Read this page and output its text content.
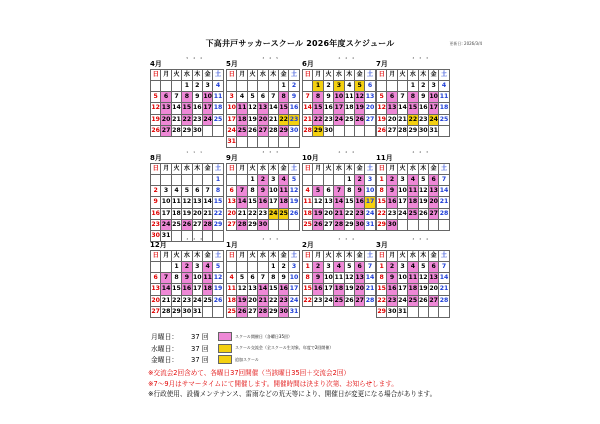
下高井戸サッカースクール 2026年度スケジュール	更新日: 2026/3/4
4月
5 4 4
日	月	火	水	木	金	土
			1	2	3	4
5	6	7	8	9	10	11
12	13	14	15	16	17	18
19	20	21	22	23	24	25
26	27	28	29	30		
5月
3 4 5
日	月	火	水	木	金	土
					1	2
3	4	5	6	7	8	9
10	11	12	13	14	15	16
17	18	19	20	21	22	23
24	25	26	27	28	29	30
31						
6月
4 4 4
日	月	火	水	木	金	土
	1	2	3	4	5	6
7	8	9	10	11	12	13
14	15	16	17	18	19	20
21	22	23	24	25	26	27
28	29	30				
7月
3 3 3
日	月	火	水	木	金	土
			1	2	3	4
5	6	7	8	9	10	11
12	13	14	15	16	17	18
19	20	21	22	23	24	25
26	27	28	29	30	31	
8月
1 1 1
日	月	火	水	木	金	土
						1
2	3	4	5	6	7	8
9	10	11	12	13	14	15
16	17	18	19	20	21	22
23	24	25	26	27	28	29
30	31					
9月
3 3 3
日	月	火	水	木	金	土
		1	2	3	4	5
6	7	8	9	10	11	12
13	14	15	16	17	18	19
20	21	22	23	24	25	26
27	28	29	30			
10月
4 4 4
日	月	火	水	木	金	土
				1	2	3
4	5	6	7	8	9	10
11	12	13	14	15	16	17
18	19	20	21	22	23	24
25	26	27	28	29	30	31
11月
4 4 3
日	月	火	水	木	金	土
1	2	3	4	5	6	7
8	9	10	11	12	13	14
15	16	17	18	19	20	21
22	23	24	25	26	27	28
29	30					
12月
3 3 3
日	月	火	水	木	金	土
		1	2	3	4	5
6	7	8	9	10	11	12
13	14	15	16	17	18	19
20	21	22	23	24	25	26
27	28	29	30	31		
1月
3 3 3
日	月	火	水	木	金	土
				1	2	3
4	5	6	7	8	9	10
11	12	13	14	15	16	17
18	19	20	21	22	23	24
25	26	27	28	29	30	31
2月
3 3 4
日	月	火	水	木	金	土
1	2	3	4	5	6	7
8	9	10	11	12	13	14
15	16	17	18	19	20	21
22	23	24	25	26	27	28
3月
3 3 4
日	月	火	水	木	金	土
1	2	3	4	5	6	7
8	9	10	11	12	13	14
15	16	17	18	19	20	21
22	23	24	25	26	27	28
29	30	31				
月曜日： 37 回
水曜日： 37 回
金曜日： 37 回
スクール開催日（各曜日35回）
スクール交流会（全スクール生対象、年度で2回開催）
追加スクール
※交流会2回含めて、各曜日37回開催（当該曜日35回＋交流会2回）
※7～9月はサマータイムにて開催します。開催時間は決まり次第、お知らせします。
※行政使用、設備メンテナンス、雷雨などの荒天等により、開催日が変更になる場合があります。
